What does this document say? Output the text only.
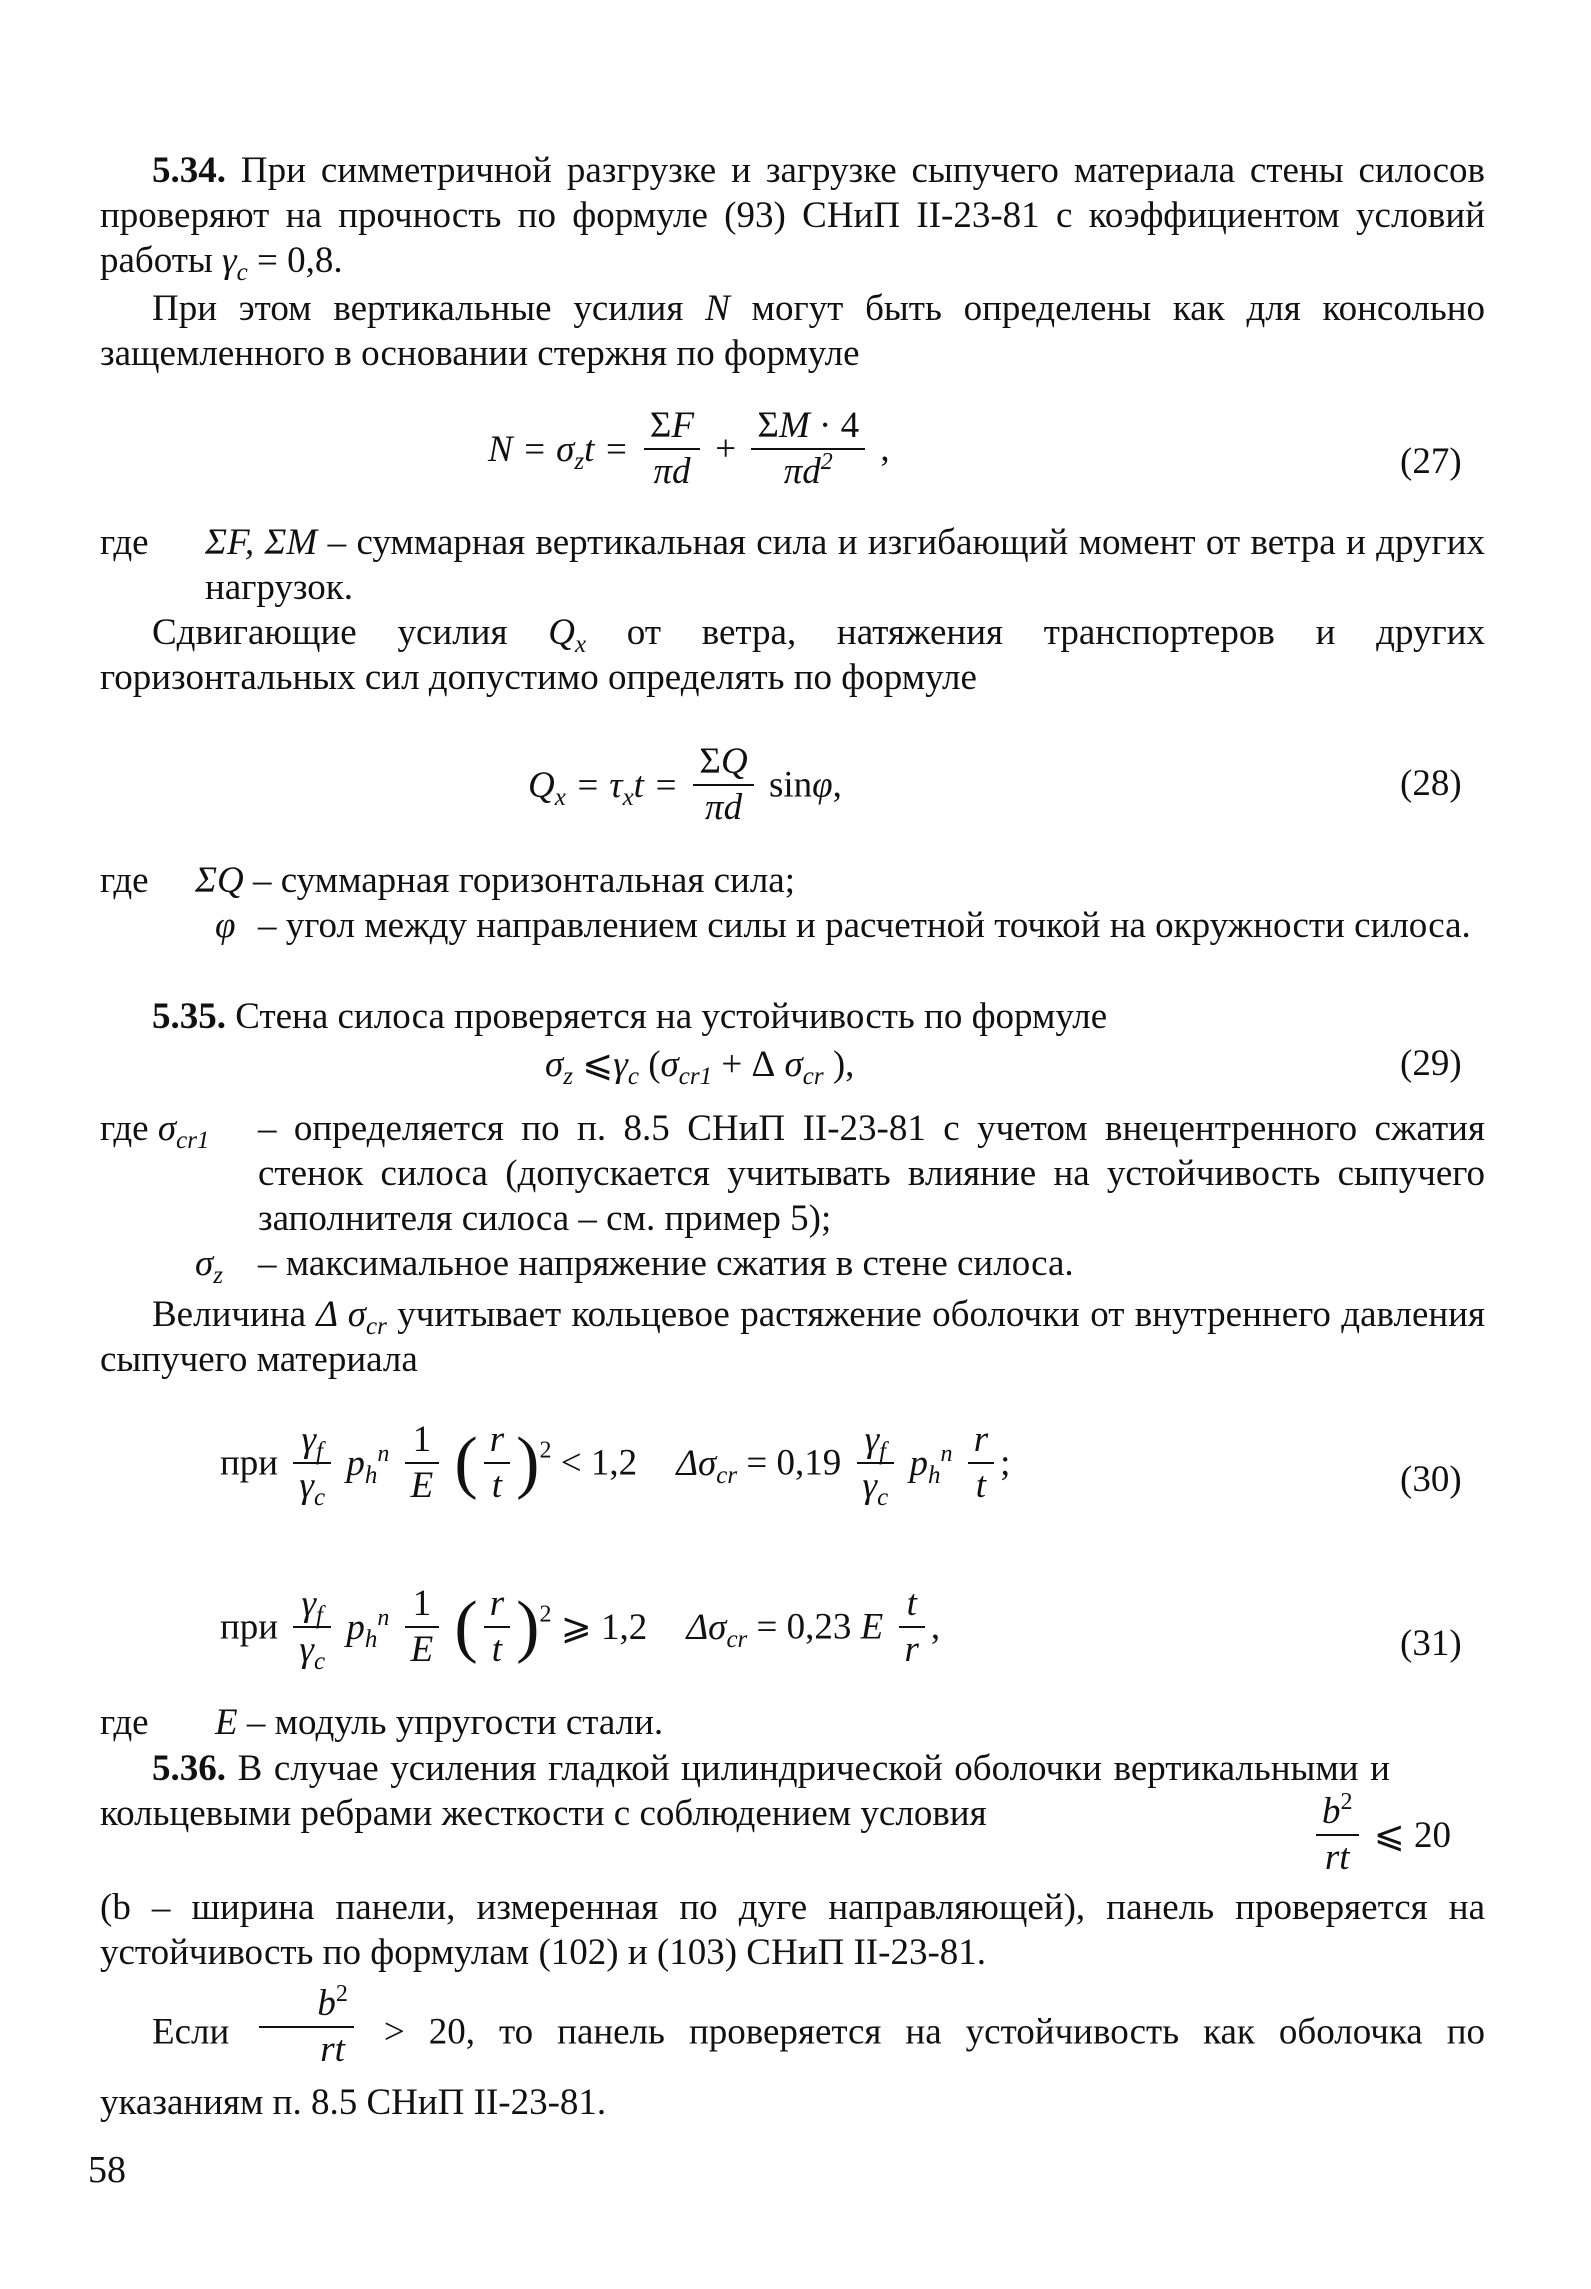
5.34. При симметричной разгрузке и загрузке сыпучего материала стены силосов проверяют на прочность по формуле (93) СНиП II-23-81 с коэффициентом условий работы $\gamma_c = 0,8$.

При этом вертикальные усилия N могут быть определены как для консольно защемленного в основании стержня по формуле

$N = \sigma_zt = \frac{\Sigma F}{\pi d} + \frac{\Sigma M \cdot 4}{\pi d^2}$ ,	(27)
где ΣF, ΣM – суммарная вертикальная сила и изгибающий момент от ветра и других нагрузок.

Сдвигающие усилия $Q_x$ от ветра, натяжения транспортеров и других горизонтальных сил допустимо определять по формуле

$Q_x = \tau_xt = \frac{\Sigma Q}{\pi d} \sin\varphi$,	(28)
где ΣQ – суммарная горизонтальная сила;
φ – угол между направлением силы и расчетной точкой на окружности силоса.

5.35. Стена силоса проверяется на устойчивость по формуле

$\sigma_z$ $⩽\gamma_c$ ($\sigma_{cr1} + \Delta$ $\sigma_{cr}$ ),	(29)
где $\sigma_{cr1}$ – определяется по п. 8.5 СНиП II-23-81 с учетом внецентренного сжатия стенок силоса (допускается учитывать влияние на устойчивость сыпучего заполнителя силоса – см. пример 5);
$\sigma_z$ – максимальное напряжение сжатия в стене силоса.

Величина Δ $\sigma_{cr}$ учитывает кольцевое растяжение оболочки от внутреннего давления сыпучего материала

при $\frac{\gamma_f}{\gamma_c} p_h^n \frac{1}{E}$ ( $\frac{r}{t} )^2 < 1,2$ $\Delta\sigma_{cr} = 0,19 \frac{\gamma_f}{\gamma_c} p_h^n \frac{r}{t}$ ;	(30)
при $\frac{\gamma_f}{\gamma_c} p_h^n \frac{1}{E}$ ( $\frac{r}{t} )^2$ ⩾ 1,2 $\Delta\sigma_{cr} = 0,23$ E $\frac{t}{r}$ ,	(31)
где E – модуль упругости стали.

5.36. В случае усиления гладкой цилиндрической оболочки вертикальными и кольцевыми ребрами жесткости с соблюдением условия	$\frac{b^2}{rt}$ ⩽ 20

(b – ширина панели, измеренная по дуге направляющей), панель проверяется на устойчивость по формулам (102) и (103) СНиП II-23-81.

Если $\frac{b^2}{rt} > 20$, то панель проверяется на устойчивость как оболочка по указаниям п. 8.5 СНиП II-23-81.
58
